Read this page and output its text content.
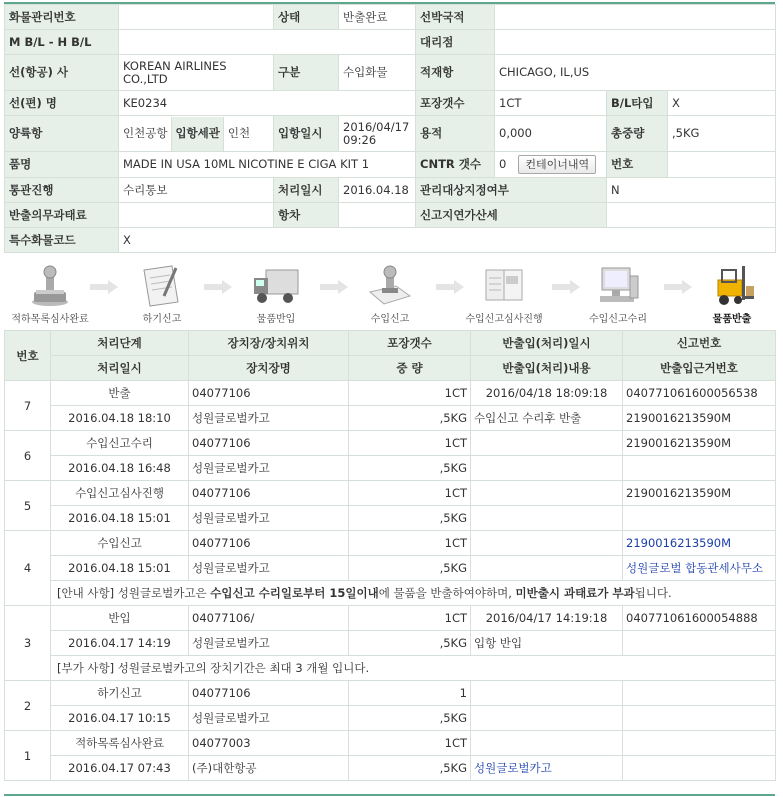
화물관리번호		상태	반출완료	선박국적			
M B/L - H B/L				대리점			
선(항공) 사	KOREAN AIRLINES CO.,LTD	구분	수입화물	적재항	CHICAGO, IL,US		
선(편) 명	KE0234			포장갯수	1CT	B/L타입	X
양륙항	인천공항 입항세관 인천	입항일시	2016/04/17 09:26	용적	0,000	총중량	,5KG
품명	MADE IN USA 10ML NICOTINE E CIGA KIT 1			CNTR 갯수	0 컨테이너내역	번호	
통관진행	수리통보	처리일시	2016.04.18	관리대상지정여부		N	
반출의무과태료		항차		신고지연가산세			
특수화물코드	X						
적하목록심사완료	하기신고	물품반입	수입신고	수입신고심사진행	수입신고수리	물품반출
번호	처리단계	장치장/장치위치	포장갯수	반출입(처리)일시	신고번호
	처리일시	장치장명	중 량	반출입(처리)내용	반출입근거번호
7	반출	04077106	1CT	2016/04/18 18:09:18	040771061600056538
	2016.04.18 18:10	성원글로벌카고	,5KG	수입신고 수리후 반출	2190016213590M
6	수입신고수리	04077106	1CT		2190016213590M
	2016.04.18 16:48	성원글로벌카고	,5KG		
5	수입신고심사진행	04077106	1CT		2190016213590M
	2016.04.18 15:01	성원글로벌카고	,5KG		
4	수입신고	04077106	1CT		2190016213590M
	2016.04.18 15:01	성원글로벌카고	,5KG		성원글로벌 합동관세사무소
	[안내 사항] 성원글로벌카고은 수입신고 수리일로부터 15일이내에 물품을 반출하여야하며, 미반출시 과태료가 부과됩니다.				
3	반입	04077106/	1CT	2016/04/17 14:19:18	040771061600054888
	2016.04.17 14:19	성원글로벌카고	,5KG	입항 반입	
	[부가 사항] 성원글로벌카고의 장치기간은 최대 3 개월 입니다.				
2	하기신고	04077106	1		
	2016.04.17 10:15	성원글로벌카고	,5KG		
1	적하목록심사완료	04077003	1CT		
	2016.04.17 07:43	(주)대한항공	,5KG	성원글로벌카고	
